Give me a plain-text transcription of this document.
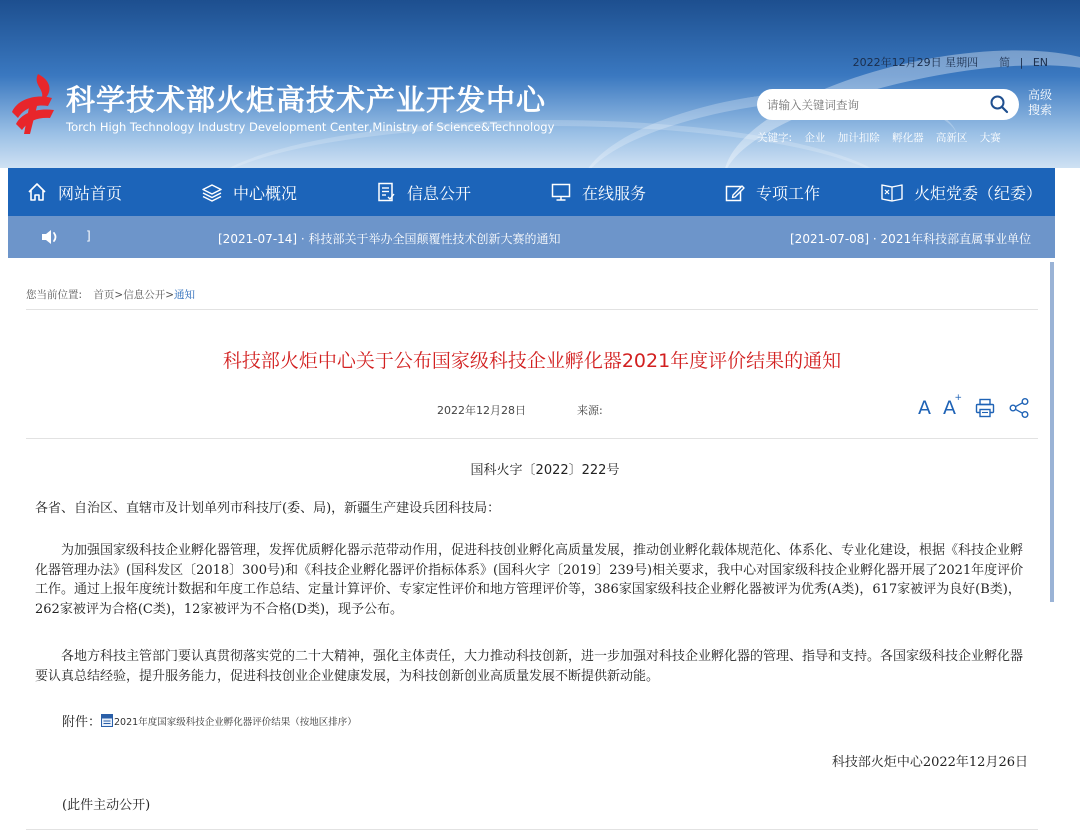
科学技术部火炬高技术产业开发中心
Torch High Technology Industry Development Center,Ministry of Science&Technology
2022年12月29日 星期四 简 | EN
请输入关键词查询
高级搜索
关键字: 企业 加计扣除 孵化器 高新区 大赛
网站首页	中心概况	信息公开	在线服务	专项工作	火炬党委（纪委）
]	[2021-07-14] · 科技部关于举办全国颠覆性技术创新大赛的通知	[2021-07-08] · 2021年科技部直属事业单位
您当前位置: 首页>信息公开>通知
科技部火炬中心关于公布国家级科技企业孵化器2021年度评价结果的通知
2022年12月28日	来源:	A A
+
国科火字〔2022〕222号
各省、自治区、直辖市及计划单列市科技厅(委、局)，新疆生产建设兵团科技局：
为加强国家级科技企业孵化器管理，发挥优质孵化器示范带动作用，促进科技创业孵化高质量发展，推动创业孵化载体规范化、体系化、专业化建设，根据《科技企业孵化器管理办法》(国科发区〔2018〕300号)和《科技企业孵化器评价指标体系》(国科火字〔2019〕239号)相关要求，我中心对国家级科技企业孵化器开展了2021年度评价工作。通过上报年度统计数据和年度工作总结、定量计算评价、专家定性评价和地方管理评价等，386家国家级科技企业孵化器被评为优秀(A类)，617家被评为良好(B类)，262家被评为合格(C类)，12家被评为不合格(D类)，现予公布。
各地方科技主管部门要认真贯彻落实党的二十大精神，强化主体责任，大力推动科技创新，进一步加强对科技企业孵化器的管理、指导和支持。各国家级科技企业孵化器要认真总结经验，提升服务能力，促进科技创业企业健康发展，为科技创新创业高质量发展不断提供新动能。
附件： 2021年度国家级科技企业孵化器评价结果（按地区排序）
科技部火炬中心2022年12月26日
(此件主动公开)
